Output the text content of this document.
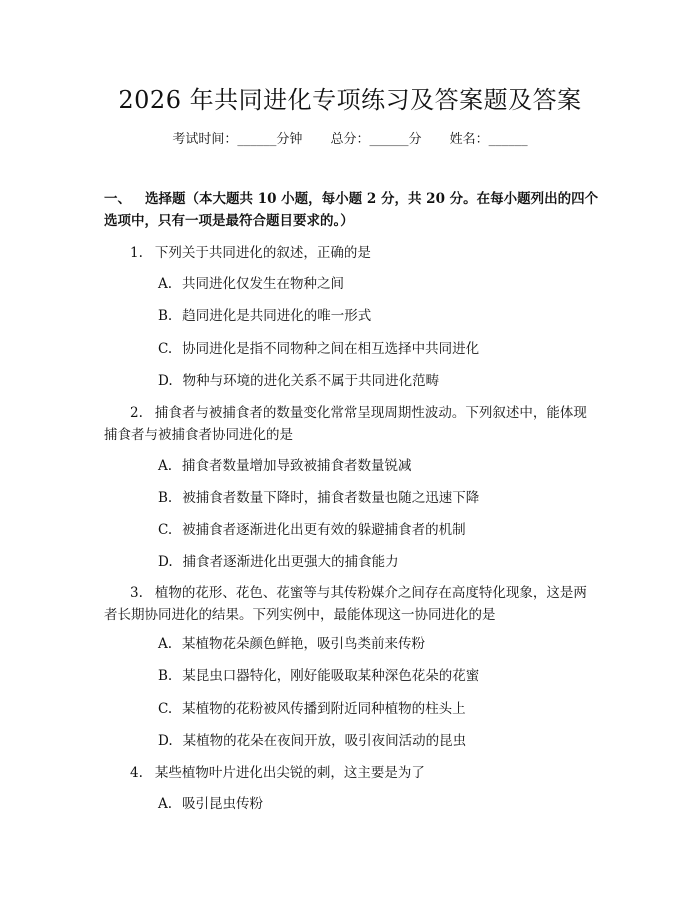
2026 年共同进化专项练习及答案题及答案
考试时间：______分钟 总分：______分 姓名：______
一、 选择题（本大题共 10 小题，每小题 2 分，共 20 分。在每小题列出的四个选项中，只有一项是最符合题目要求的。）
1. 下列关于共同进化的叙述，正确的是
A. 共同进化仅发生在物种之间
B. 趋同进化是共同进化的唯一形式
C. 协同进化是指不同物种之间在相互选择中共同进化
D. 物种与环境的进化关系不属于共同进化范畴
2. 捕食者与被捕食者的数量变化常常呈现周期性波动。下列叙述中，能体现捕食者与被捕食者协同进化的是
A. 捕食者数量增加导致被捕食者数量锐减
B. 被捕食者数量下降时，捕食者数量也随之迅速下降
C. 被捕食者逐渐进化出更有效的躲避捕食者的机制
D. 捕食者逐渐进化出更强大的捕食能力
3. 植物的花形、花色、花蜜等与其传粉媒介之间存在高度特化现象，这是两者长期协同进化的结果。下列实例中，最能体现这一协同进化的是
A. 某植物花朵颜色鲜艳，吸引鸟类前来传粉
B. 某昆虫口器特化，刚好能吸取某种深色花朵的花蜜
C. 某植物的花粉被风传播到附近同种植物的柱头上
D. 某植物的花朵在夜间开放，吸引夜间活动的昆虫
4. 某些植物叶片进化出尖锐的刺，这主要是为了
A. 吸引昆虫传粉
